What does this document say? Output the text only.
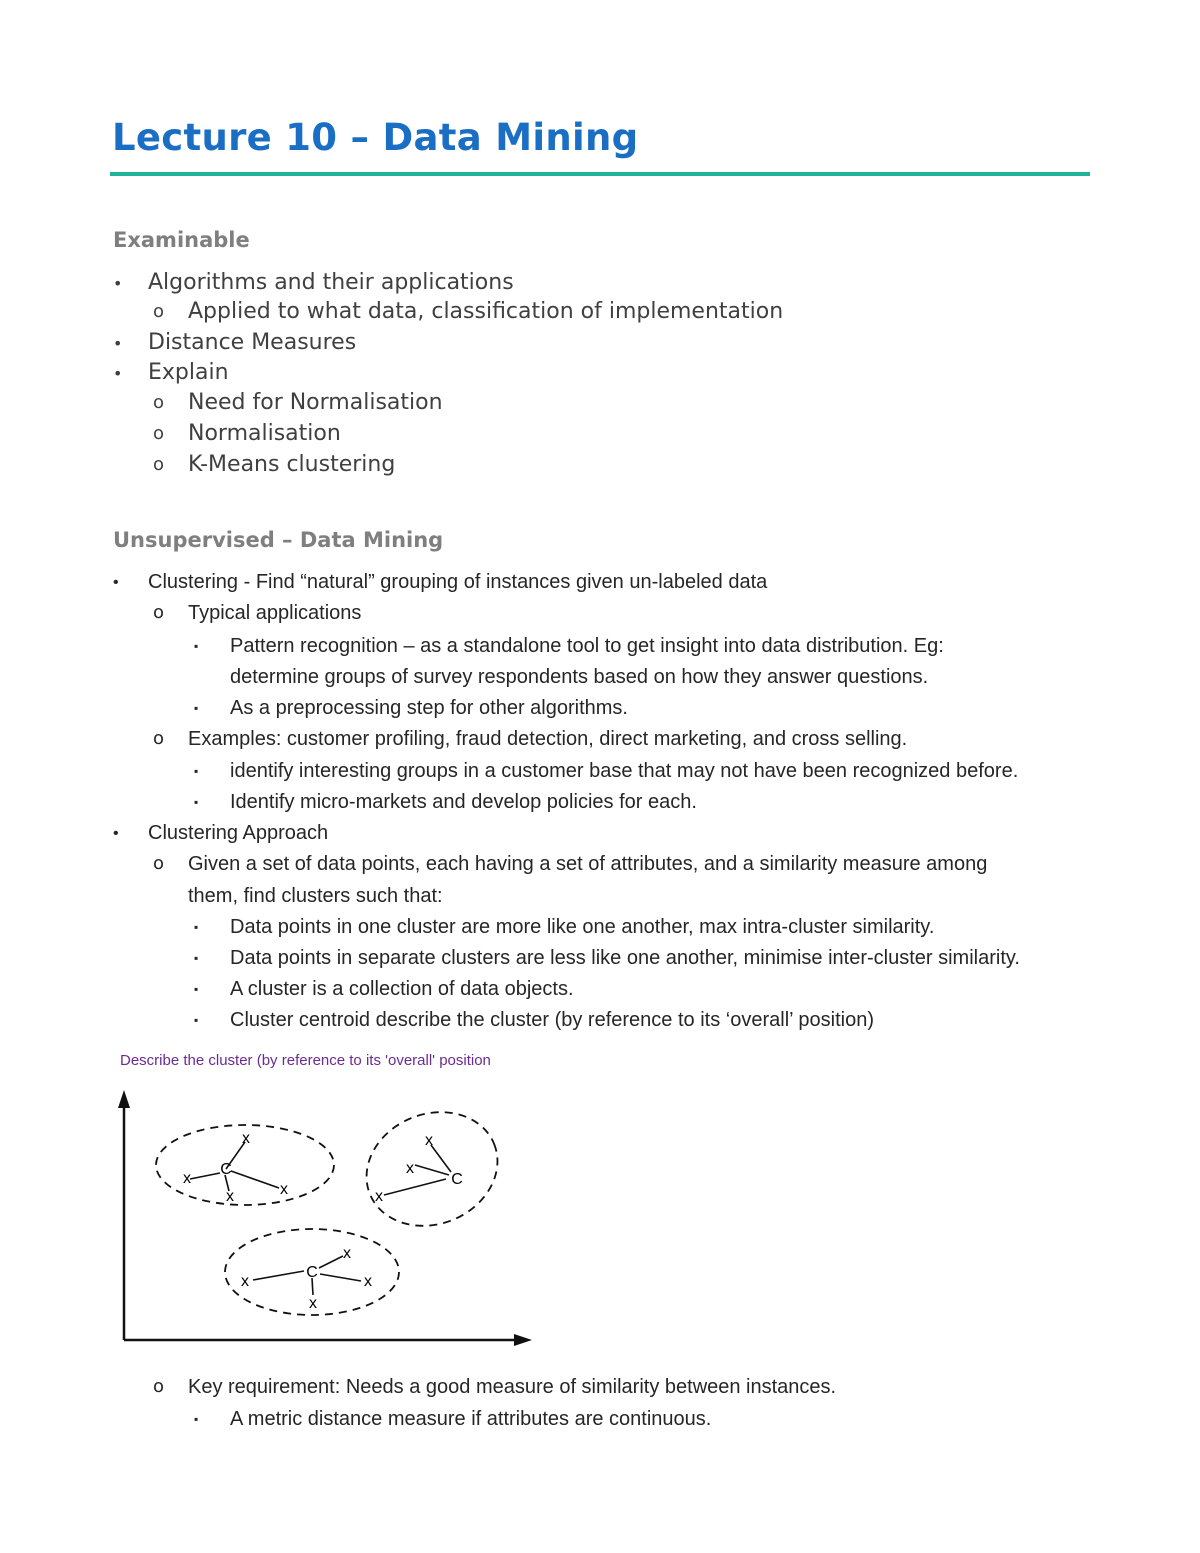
Lecture 10 – Data Mining
Examinable
• Algorithms and their applications
o Applied to what data, classification of implementation
• Distance Measures
• Explain
o Need for Normalisation
o Normalisation
o K-Means clustering
Unsupervised – Data Mining
• Clustering - Find “natural” grouping of instances given un-labeled data
o Typical applications
▪ Pattern recognition – as a standalone tool to get insight into data distribution. Eg:
determine groups of survey respondents based on how they answer questions.
▪ As a preprocessing step for other algorithms.
o Examples: customer profiling, fraud detection, direct marketing, and cross selling.
▪ identify interesting groups in a customer base that may not have been recognized before.
▪ Identify micro-markets and develop policies for each.
• Clustering Approach
o Given a set of data points, each having a set of attributes, and a similarity measure among
them, find clusters such that:
▪ Data points in one cluster are more like one another, max intra-cluster similarity.
▪ Data points in separate clusters are less like one another, minimise inter-cluster similarity.
▪ A cluster is a collection of data objects.
▪ Cluster centroid describe the cluster (by reference to its ‘overall’ position)
Describe the cluster (by reference to its 'overall' position
x
x
C
x	x
x
x
C
x
x
x
C
x
x
o Key requirement: Needs a good measure of similarity between instances.
▪ A metric distance measure if attributes are continuous.
